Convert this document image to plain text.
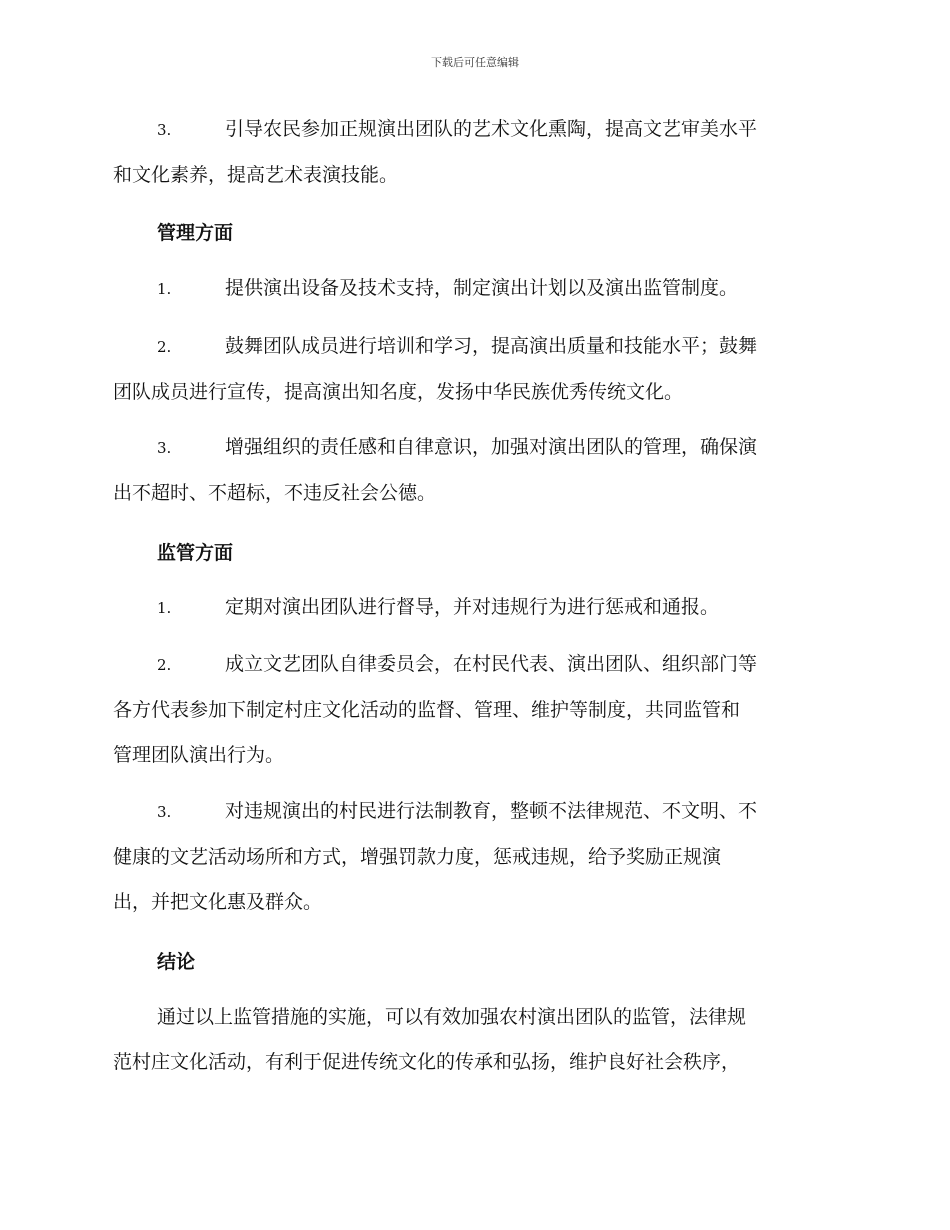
下载后可任意编辑
3.	引导农民参加正规演出团队的艺术文化熏陶，提高文艺审美水平
和文化素养，提高艺术表演技能。
管理方面
1.	提供演出设备及技术支持，制定演出计划以及演出监管制度。
2.	鼓舞团队成员进行培训和学习，提高演出质量和技能水平；鼓舞
团队成员进行宣传，提高演出知名度，发扬中华民族优秀传统文化。
3.	增强组织的责任感和自律意识，加强对演出团队的管理，确保演
出不超时、不超标，不违反社会公德。
监管方面
1.	定期对演出团队进行督导，并对违规行为进行惩戒和通报。
2.	成立文艺团队自律委员会，在村民代表、演出团队、组织部门等
各方代表参加下制定村庄文化活动的监督、管理、维护等制度，共同监管和
管理团队演出行为。
3.	对违规演出的村民进行法制教育，整顿不法律规范、不文明、不
健康的文艺活动场所和方式，增强罚款力度，惩戒违规，给予奖励正规演
出，并把文化惠及群众。
结论
通过以上监管措施的实施，可以有效加强农村演出团队的监管，法律规
范村庄文化活动，有利于促进传统文化的传承和弘扬，维护良好社会秩序，
